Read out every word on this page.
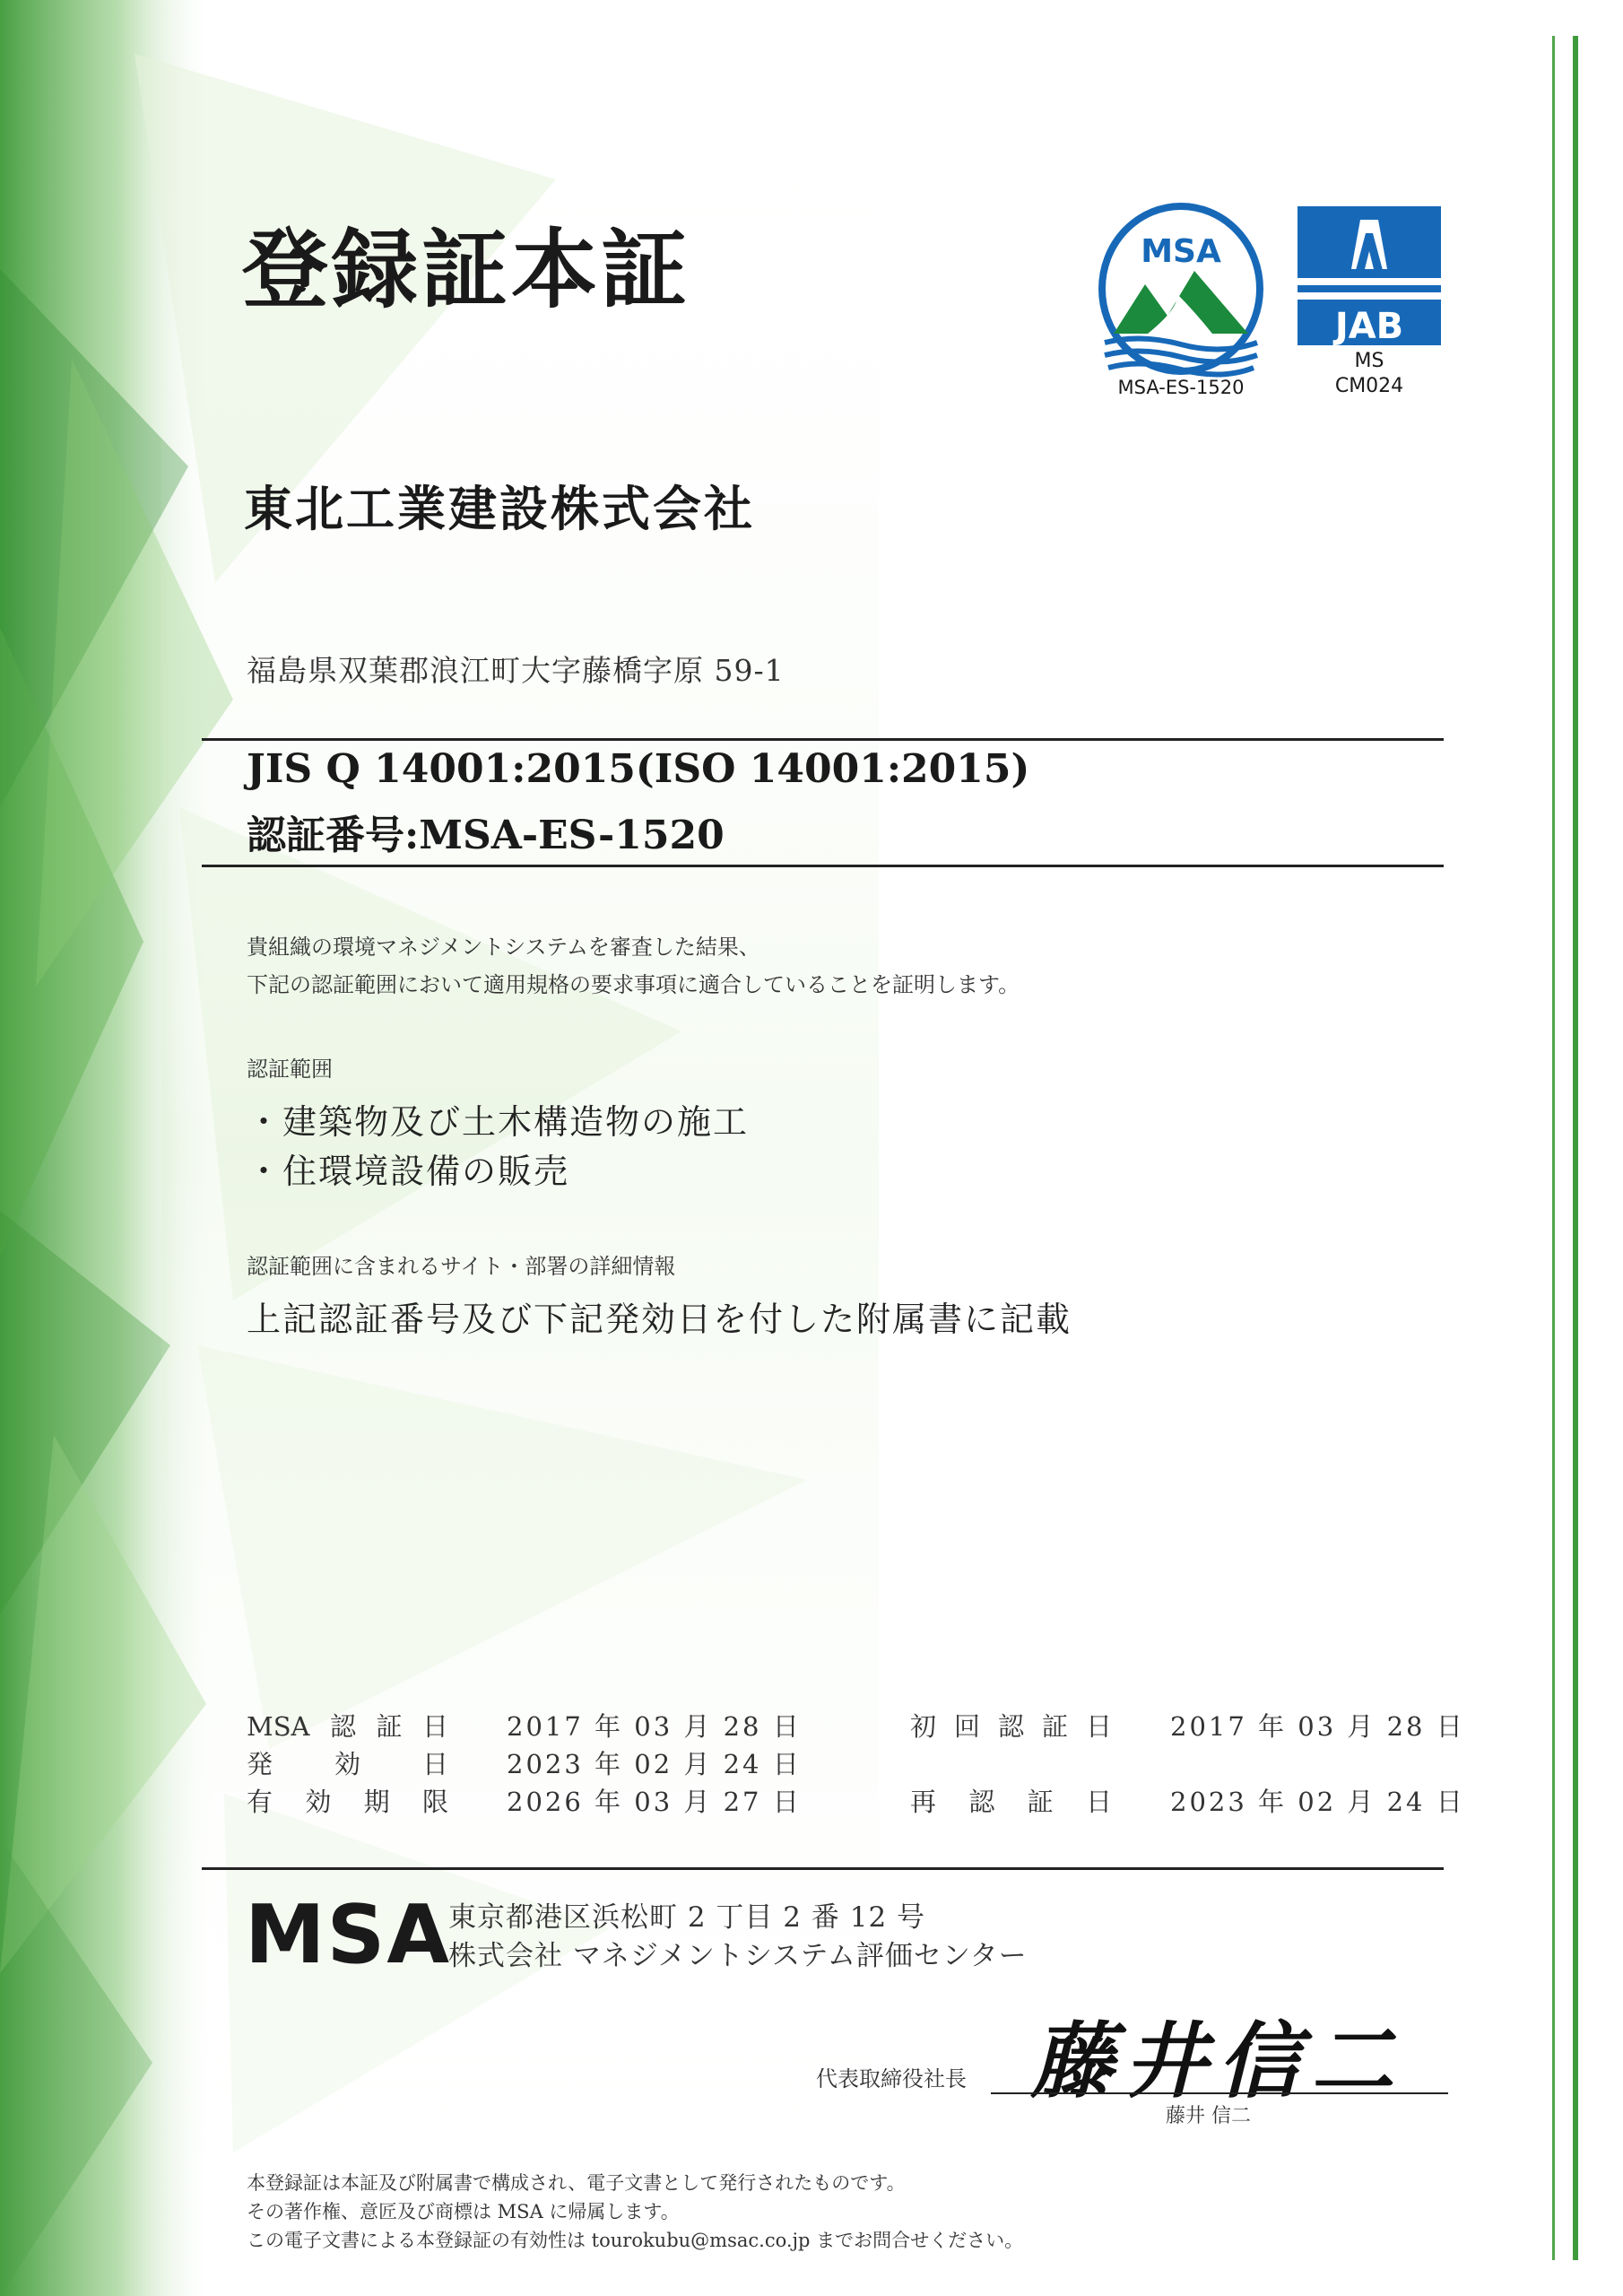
登録証本証	MSA
MSA-ES-1520
JAB
MS
CM024
東北工業建設株式会社
福島県双葉郡浪江町大字藤橋字原 59-1
JIS Q 14001:2015(ISO 14001:2015)
認証番号:MSA-ES-1520
貴組織の環境マネジメントシステムを審査した結果、
下記の認証範囲において適用規格の要求事項に適合していることを証明します。
認証範囲
・建築物及び土木構造物の施工
・住環境設備の販売
認証範囲に含まれるサイト・部署の詳細情報
上記認証番号及び下記発効日を付した附属書に記載
MSA認証日 2017 年 03 月 28 日
発効日 2023 年 02 月 24 日
有効期限 2026 年 03 月 27 日
初回認証日 2017 年 03 月 28 日
再認証日 2023 年 02 月 24 日
MSA
東京都港区浜松町 2 丁目 2 番 12 号
株式会社 マネジメントシステム評価センター
代表取締役社長 藤井信二
藤井 信二
本登録証は本証及び附属書で構成され、電子文書として発行されたものです。
その著作権、意匠及び商標は MSA に帰属します。
この電子文書による本登録証の有効性は tourokubu@msac.co.jp までお問合せください。
